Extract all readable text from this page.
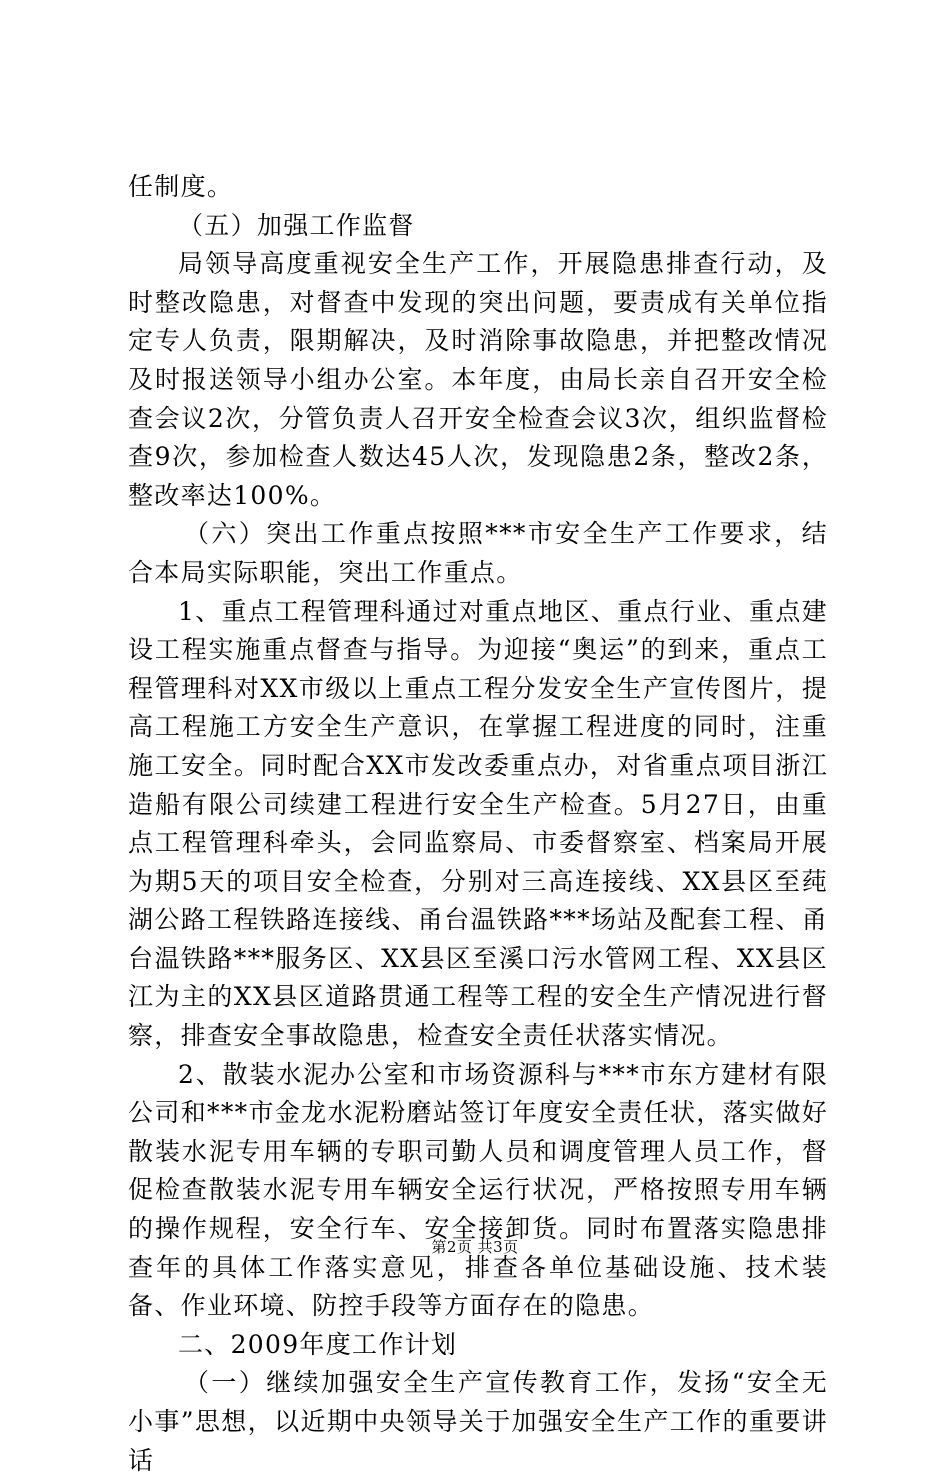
任制度。

（五）加强工作监督

局领导高度重视安全生产工作，开展隐患排查行动，及时整改隐患，对督查中发现的突出问题，要责成有关单位指定专人负责，限期解决，及时消除事故隐患，并把整改情况及时报送领导小组办公室。本年度，由局长亲自召开安全检查会议2次，分管负责人召开安全检查会议3次，组织监督检查9次，参加检查人数达45人次，发现隐患2条，整改2条，整改率达100%。

（六）突出工作重点按照***市安全生产工作要求，结合本局实际职能，突出工作重点。

1、重点工程管理科通过对重点地区、重点行业、重点建设工程实施重点督查与指导。为迎接“奥运”的到来，重点工程管理科对XX市级以上重点工程分发安全生产宣传图片，提高工程施工方安全生产意识，在掌握工程进度的同时，注重施工安全。同时配合XX市发改委重点办，对省重点项目浙江造船有限公司续建工程进行安全生产检查。5月27日，由重点工程管理科牵头，会同监察局、市委督察室、档案局开展为期5天的项目安全检查，分别对三高连接线、XX县区至莼湖公路工程铁路连接线、甬台温铁路***场站及配套工程、甬台温铁路***服务区、XX县区至溪口污水管网工程、XX县区江为主的XX县区道路贯通工程等工程的安全生产情况进行督察，排查安全事故隐患，检查安全责任状落实情况。

2、散装水泥办公室和市场资源科与***市东方建材有限公司和***市金龙水泥粉磨站签订年度安全责任状，落实做好散装水泥专用车辆的专职司勤人员和调度管理人员工作，督促检查散装水泥专用车辆安全运行状况，严格按照专用车辆的操作规程，安全行车、安全接卸货。同时布置落实隐患排查年的具体工作落实意见，排查各单位基础设施、技术装备、作业环境、防控手段等方面存在的隐患。

二、2009年度工作计划

（一）继续加强安全生产宣传教育工作，发扬“安全无小事”思想，以近期中央领导关于加强安全生产工作的重要讲话

第2页 共3页
